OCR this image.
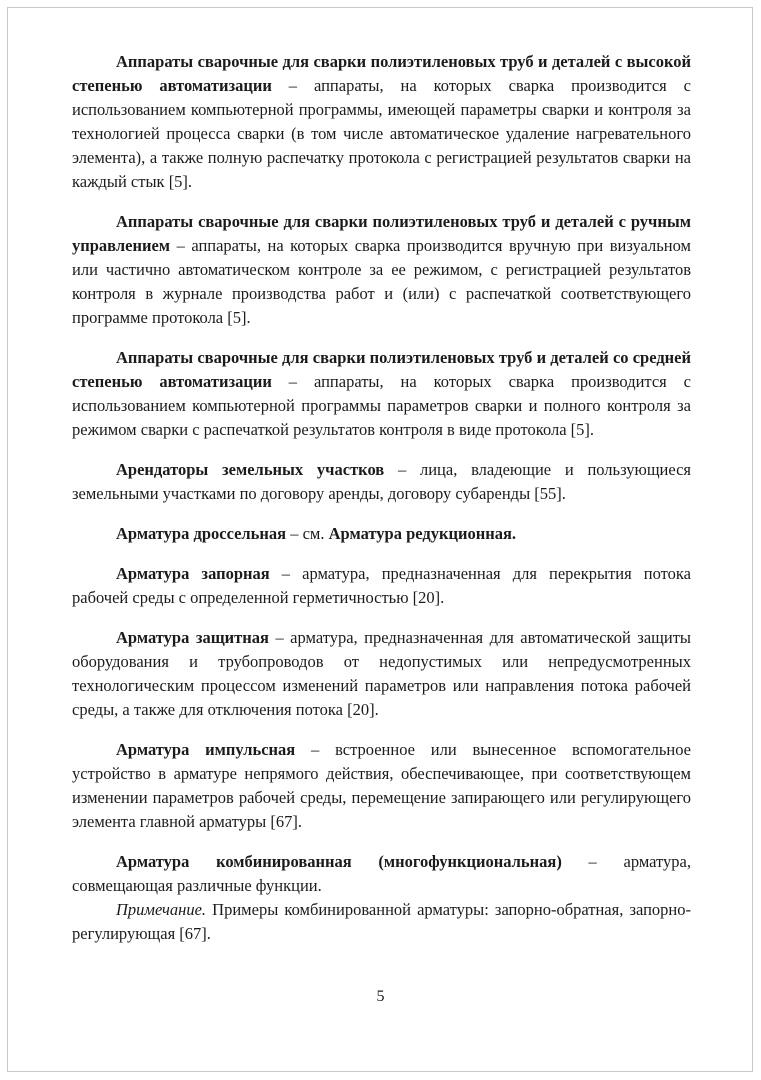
Аппараты сварочные для сварки полиэтиленовых труб и деталей с высокой степенью автоматизации – аппараты, на которых сварка производится с использованием компьютерной программы, имеющей параметры сварки и контроля за технологией процесса сварки (в том числе автоматическое удаление нагревательного элемента), а также полную распечатку протокола с регистрацией результатов сварки на каждый стык [5].

Аппараты сварочные для сварки полиэтиленовых труб и деталей с ручным управлением – аппараты, на которых сварка производится вручную при визуальном или частично автоматическом контроле за ее режимом, с регистрацией результатов контроля в журнале производства работ и (или) с распечаткой соответствующего программе протокола [5].

Аппараты сварочные для сварки полиэтиленовых труб и деталей со средней степенью автоматизации – аппараты, на которых сварка производится с использованием компьютерной программы параметров сварки и полного контроля за режимом сварки с распечаткой результатов контроля в виде протокола [5].

Арендаторы земельных участков – лица, владеющие и пользующиеся земельными участками по договору аренды, договору субаренды [55].

Арматура дроссельная – см. Арматура редукционная.

Арматура запорная – арматура, предназначенная для перекрытия потока рабочей среды с определенной герметичностью [20].

Арматура защитная – арматура, предназначенная для автоматической защиты оборудования и трубопроводов от недопустимых или непредусмотренных технологическим процессом изменений параметров или направления потока рабочей среды, а также для отключения потока [20].

Арматура импульсная – встроенное или вынесенное вспомогательное устройство в арматуре непрямого действия, обеспечивающее, при соответствующем изменении параметров рабочей среды, перемещение запирающего или регулирующего элемента главной арматуры [67].

Арматура комбинированная (многофункциональная) – арматура, совмещающая различные функции.

Примечание. Примеры комбинированной арматуры: запорно-обратная, запорно-регулирующая [67].

5
